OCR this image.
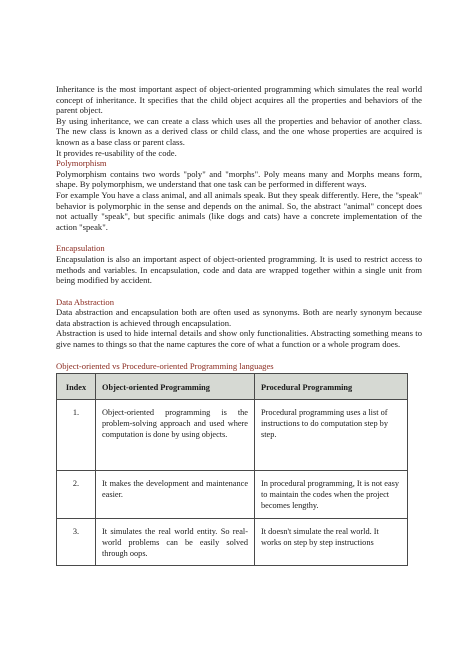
Inheritance is the most important aspect of object-oriented programming which simulates the real world concept of inheritance. It specifies that the child object acquires all the properties and behaviors of the parent object.

By using inheritance, we can create a class which uses all the properties and behavior of another class. The new class is known as a derived class or child class, and the one whose properties are acquired is known as a base class or parent class.

It provides re-usability of the code.

Polymorphism

Polymorphism contains two words "poly" and "morphs". Poly means many and Morphs means form, shape. By polymorphism, we understand that one task can be performed in different ways.

For example You have a class animal, and all animals speak. But they speak differently. Here, the "speak" behavior is polymorphic in the sense and depends on the animal. So, the abstract "animal" concept does not actually "speak", but specific animals (like dogs and cats) have a concrete implementation of the action "speak".

Encapsulation

Encapsulation is also an important aspect of object-oriented programming. It is used to restrict access to methods and variables. In encapsulation, code and data are wrapped together within a single unit from being modified by accident.

Data Abstraction

Data abstraction and encapsulation both are often used as synonyms. Both are nearly synonym because data abstraction is achieved through encapsulation.

Abstraction is used to hide internal details and show only functionalities. Abstracting something means to give names to things so that the name captures the core of what a function or a whole program does.

Object-oriented vs Procedure-oriented Programming languages

Index	Object-oriented Programming	Procedural Programming
1.	Object-oriented programming is the problem-solving approach and used where computation is done by using objects.	Procedural programming uses a list of instructions to do computation step by step.
2.	It makes the development and maintenance easier.	In procedural programming, It is not easy to maintain the codes when the project becomes lengthy.
3.	It simulates the real world entity. So real-world problems can be easily solved through oops.	It doesn't simulate the real world. It works on step by step instructions
